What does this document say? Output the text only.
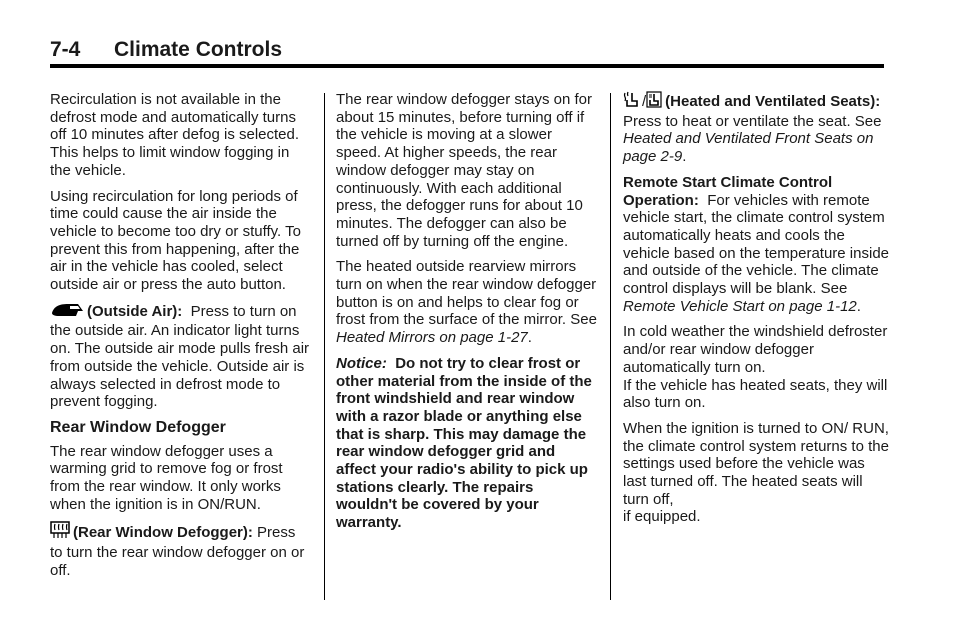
7-4 Climate Controls

Recirculation is not available in the defrost mode and automatically turns off 10 minutes after defog is selected. This helps to limit window fogging in the vehicle.

Using recirculation for long periods of time could cause the air inside the vehicle to become too dry or stuffy. To prevent this from happening, after the air in the vehicle has cooled, select outside air or press the auto button.

(Outside Air): Press to turn on the outside air. An indicator light turns on. The outside air mode pulls fresh air from outside the vehicle. Outside air is always selected in defrost mode to prevent fogging.

Rear Window Defogger

The rear window defogger uses a warming grid to remove fog or frost from the rear window. It only works when the ignition is in ON/RUN.

(Rear Window Defogger): Press to turn the rear window defogger on or off.

The rear window defogger stays on for about 15 minutes, before turning off if the vehicle is moving at a slower speed. At higher speeds, the rear window defogger may stay on continuously. With each additional press, the defogger runs for about 10 minutes. The defogger can also be turned off by turning off the engine.

The heated outside rearview mirrors turn on when the rear window defogger button is on and helps to clear fog or frost from the surface of the mirror. See Heated Mirrors on page 1-27.

Notice: Do not try to clear frost or other material from the inside of the front windshield and rear window with a razor blade or anything else that is sharp. This may damage the rear window defogger grid and affect your radio's ability to pick up stations clearly. The repairs wouldn't be covered by your warranty.

/ (Heated and Ventilated Seats):  Press to heat or ventilate the seat. See Heated and Ventilated Front Seats on page 2-9.

Remote Start Climate Control Operation: For vehicles with remote vehicle start, the climate control system automatically heats and cools the vehicle based on the temperature inside and outside of the vehicle. The climate control displays will be blank. See Remote Vehicle Start on page 1-12.

In cold weather the windshield defroster and/or rear window defogger automatically turn on.
If the vehicle has heated seats, they will also turn on.

When the ignition is turned to ON/ RUN, the climate control system returns to the settings used before the vehicle was last turned off. The heated seats will turn off,
if equipped.
